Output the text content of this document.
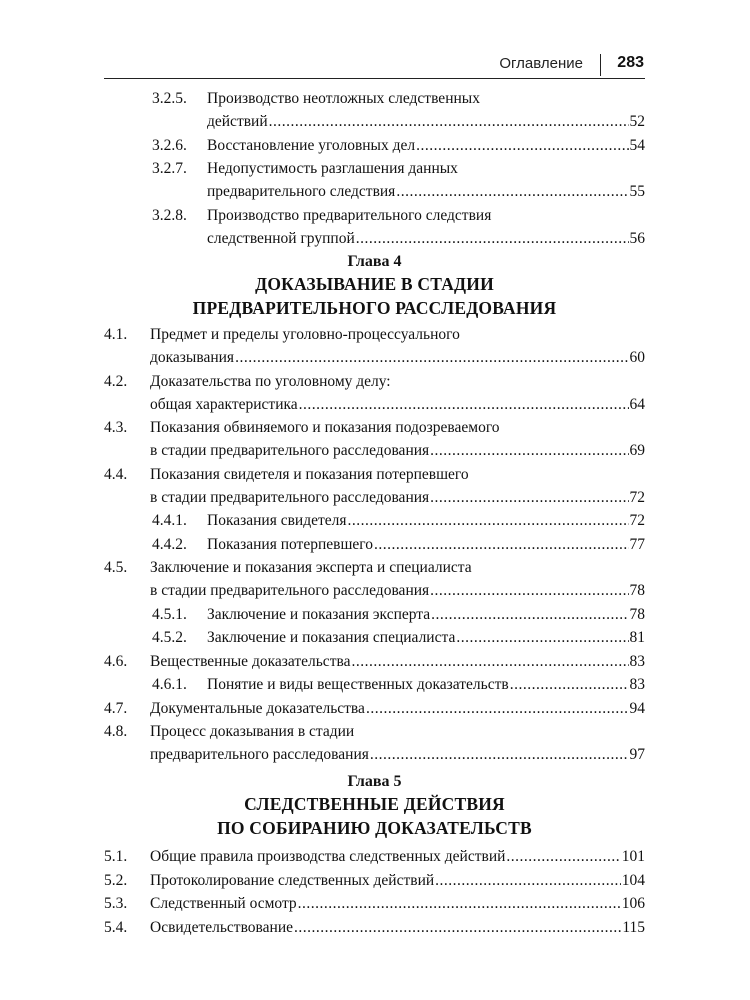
Оглавление 283
3.2.5. Производство неотложных следственных
действий .....	52
3.2.6. Восстановление уголовных дел .....	54
3.2.7. Недопустимость разглашения данных
предварительного следствия .....	55
3.2.8. Производство предварительного следствия
следственной группой .....	56
Глава 4
ДОКАЗЫВАНИЕ В СТАДИИ
ПРЕДВАРИТЕЛЬНОГО РАССЛЕДОВАНИЯ
4.1. Предмет и пределы уголовно-процессуального
доказывания .....	60
4.2. Доказательства по уголовному делу:
общая характеристика .....	64
4.3. Показания обвиняемого и показания подозреваемого
в стадии предварительного расследования .....	69
4.4. Показания свидетеля и показания потерпевшего
в стадии предварительного расследования .....	72
4.4.1. Показания свидетеля .....	72
4.4.2. Показания потерпевшего .....	77
4.5. Заключение и показания эксперта и специалиста
в стадии предварительного расследования .....	78
4.5.1. Заключение и показания эксперта .....	78
4.5.2. Заключение и показания специалиста .....	81
4.6. Вещественные доказательства .....	83
4.6.1. Понятие и виды вещественных доказательств .....	83
4.7. Документальные доказательства .....	94
4.8. Процесс доказывания в стадии
предварительного расследования .....	97
Глава 5
СЛЕДСТВЕННЫЕ ДЕЙСТВИЯ
ПО СОБИРАНИЮ ДОКАЗАТЕЛЬСТВ
5.1. Общие правила производства следственных действий .....	101
5.2. Протоколирование следственных действий .....	104
5.3. Следственный осмотр .....	106
5.4. Освидетельствование .....	115
